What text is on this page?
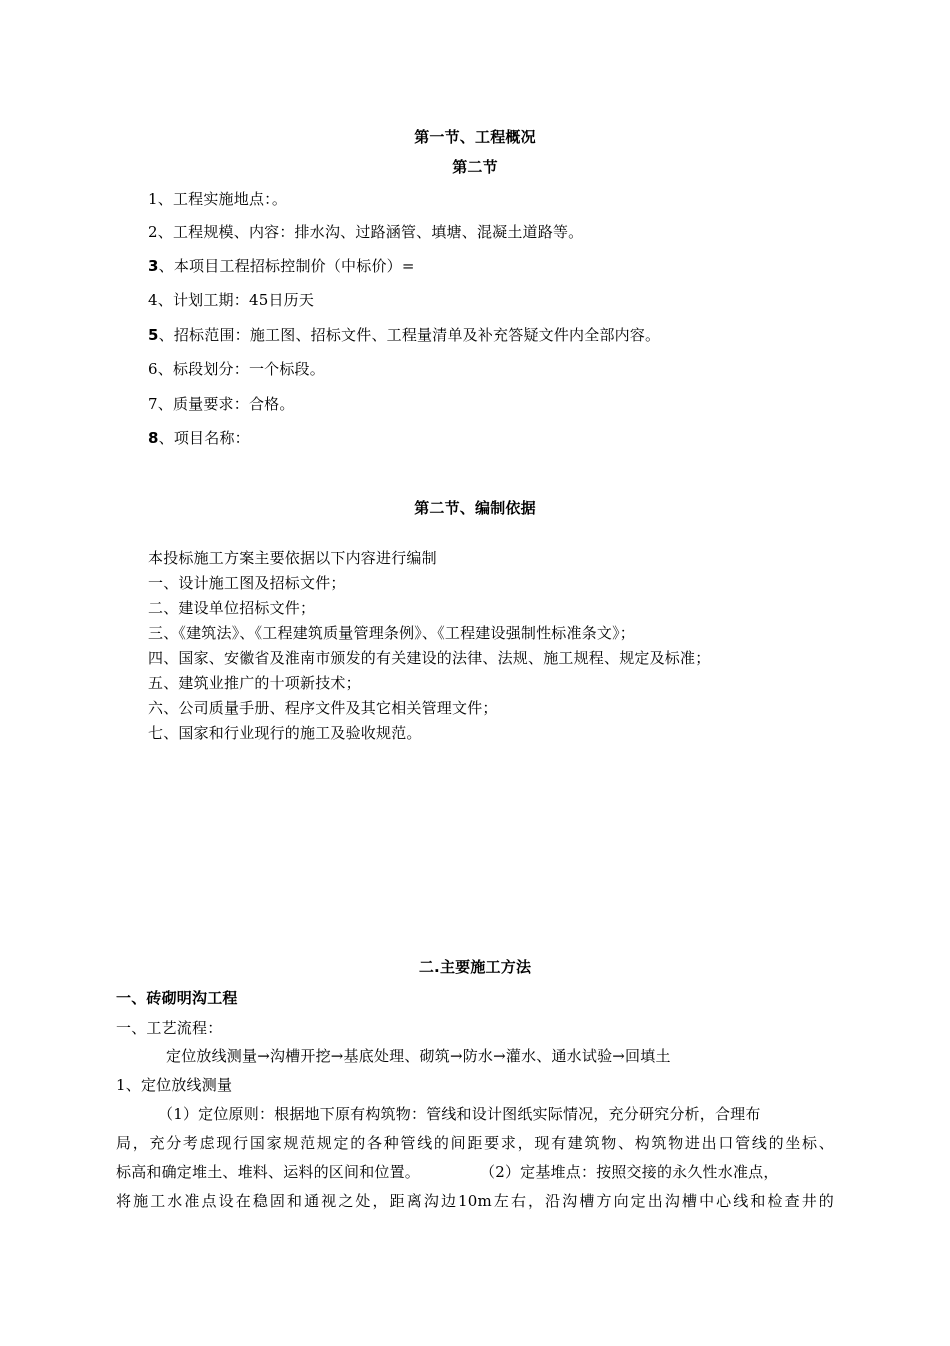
第一节、工程概况
第二节
1、工程实施地点：。
2、工程规模、内容：排水沟、过路涵管、填塘、混凝土道路等。
3、本项目工程招标控制价（中标价）=
4、计划工期：45日历天
5、招标范围：施工图、招标文件、工程量清单及补充答疑文件内全部内容。
6、标段划分：一个标段。
7、质量要求：合格。
8、项目名称：
第二节、编制依据
本投标施工方案主要依据以下内容进行编制
一、设计施工图及招标文件；
二、建设单位招标文件；
三、《建筑法》、《工程建筑质量管理条例》、《工程建设强制性标准条文》；
四、国家、安徽省及淮南市颁发的有关建设的法律、法规、施工规程、规定及标准；
五、建筑业推广的十项新技术；
六、公司质量手册、程序文件及其它相关管理文件；
七、国家和行业现行的施工及验收规范。
二.主要施工方法
一、砖砌明沟工程
一、工艺流程：
定位放线测量→沟槽开挖→基底处理、砌筑→防水→灌水、通水试验→回填土
1、定位放线测量
（1）定位原则：根据地下原有构筑物：管线和设计图纸实际情况，充分研究分析，合理布
局，充分考虑现行国家规范规定的各种管线的间距要求，现有建筑物、构筑物进出口管线的坐标、
标高和确定堆土、堆料、运料的区间和位置。	（2）定基堆点：按照交接的永久性水准点，
将施工水准点设在稳固和通视之处，距离沟边10m左右，沿沟槽方向定出沟槽中心线和检查井的
